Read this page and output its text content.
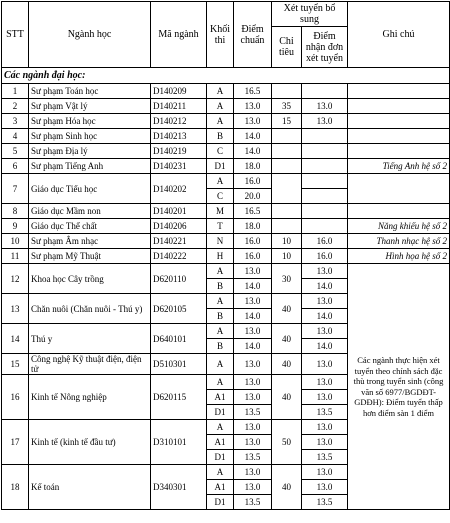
STT	Ngành học	Mã ngành	Khối thi	Điểm chuẩn	Xét tuyển bổ sung		Ghi chú
					Chỉ tiêu	Điểm nhận đơn xét tuyển	
Các ngành đại học:							
1	Sư phạm Toán học	D140209	A	16.5			
2	Sư phạm Vật lý	D140211	A	13.0	35	13.0	
3	Sư phạm Hóa học	D140212	A	13.0	15	13.0	
4	Sư phạm Sinh học	D140213	B	14.0			
5	Sư phạm Địa lý	D140219	C	14.0			
6	Sư phạm Tiếng Anh	D140231	D1	18.0			Tiếng Anh hệ số 2
7	Giáo dục Tiểu học	D140202	A	16.0			
			C	20.0			
8	Giáo dục Mầm non	D140201	M	16.5			
9	Giáo dục Thể chất	D140206	T	18.0			Năng khiếu hệ số 2
10	Sư phạm Âm nhạc	D140221	N	16.0	10	16.0	Thanh nhạc hệ số 2
11	Sư phạm Mỹ Thuật	D140222	H	16.0	10	16.0	Hình họa hệ số 2
12	Khoa học Cây trồng	D620110	A	13.0	30	13.0	Các ngành thực hiện xét tuyển theo chính sách đặc thù trong tuyển sinh (công văn số 6977/BGDĐT-GDĐH): Điểm tuyển thấp hơn điểm sàn 1 điểm
			B	14.0		14.0	
13	Chăn nuôi (Chăn nuôi - Thú y)	D620105	A	13.0	40	13.0	
			B	14.0		14.0	
14	Thú y	D640101	A	13.0	40	13.0	
			B	14.0		14.0	
15	Công nghệ Kỹ thuật điện, điện tử	D510301	A	13.0	40	13.0	
16	Kinh tế Nông nghiệp	D620115	A	13.0	40	13.0	
			A1	13.0		13.0	
			D1	13.5		13.5	
17	Kinh tế (kinh tế đầu tư)	D310101	A	13.0	50	13.0	
			A1	13.0		13.0	
			D1	13.5		13.5	
18	Kế toán	D340301	A	13.0	40	13.0	
			A1	13.0		13.0	
			D1	13.5		13.5	
